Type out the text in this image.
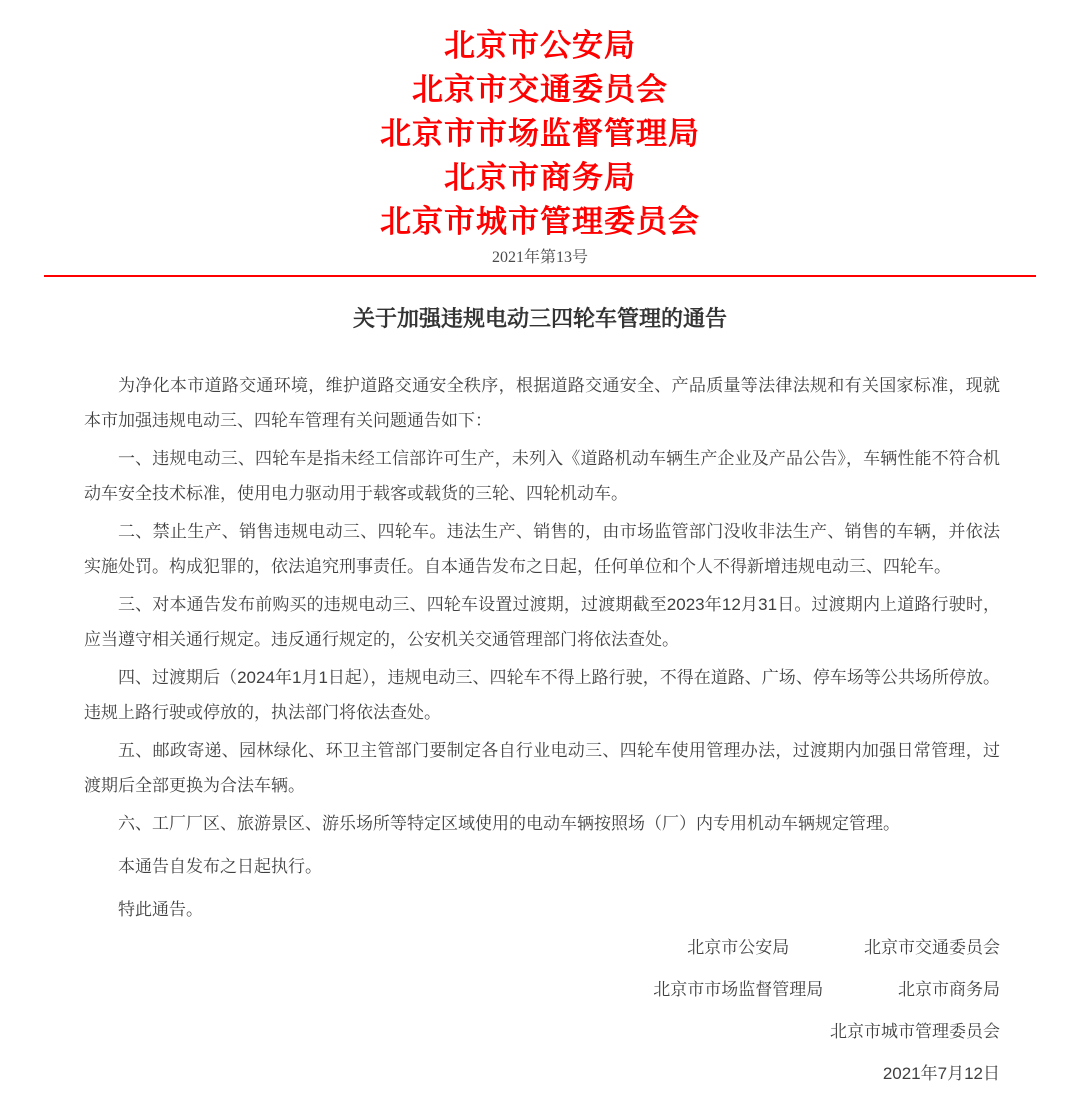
北京市公安局
北京市交通委员会
北京市市场监督管理局
北京市商务局
北京市城市管理委员会
2021年第13号
关于加强违规电动三四轮车管理的通告

为净化本市道路交通环境，维护道路交通安全秩序，根据道路交通安全、产品质量等法律法规和有关国家标准，现就本市加强违规电动三、四轮车管理有关问题通告如下：

一、违规电动三、四轮车是指未经工信部许可生产，未列入《道路机动车辆生产企业及产品公告》，车辆性能不符合机动车安全技术标准，使用电力驱动用于载客或载货的三轮、四轮机动车。

二、禁止生产、销售违规电动三、四轮车。违法生产、销售的，由市场监管部门没收非法生产、销售的车辆，并依法实施处罚。构成犯罪的，依法追究刑事责任。自本通告发布之日起，任何单位和个人不得新增违规电动三、四轮车。

三、对本通告发布前购买的违规电动三、四轮车设置过渡期，过渡期截至2023年12月31日。过渡期内上道路行驶时，应当遵守相关通行规定。违反通行规定的，公安机关交通管理部门将依法查处。

四、过渡期后（2024年1月1日起），违规电动三、四轮车不得上路行驶，不得在道路、广场、停车场等公共场所停放。违规上路行驶或停放的，执法部门将依法查处。

五、邮政寄递、园林绿化、环卫主管部门要制定各自行业电动三、四轮车使用管理办法，过渡期内加强日常管理，过渡期后全部更换为合法车辆。

六、工厂厂区、旅游景区、游乐场所等特定区域使用的电动车辆按照场（厂）内专用机动车辆规定管理。

本通告自发布之日起执行。

特此通告。

北京市公安局	北京市交通委员会
北京市市场监督管理局	北京市商务局
北京市城市管理委员会
2021年7月12日
